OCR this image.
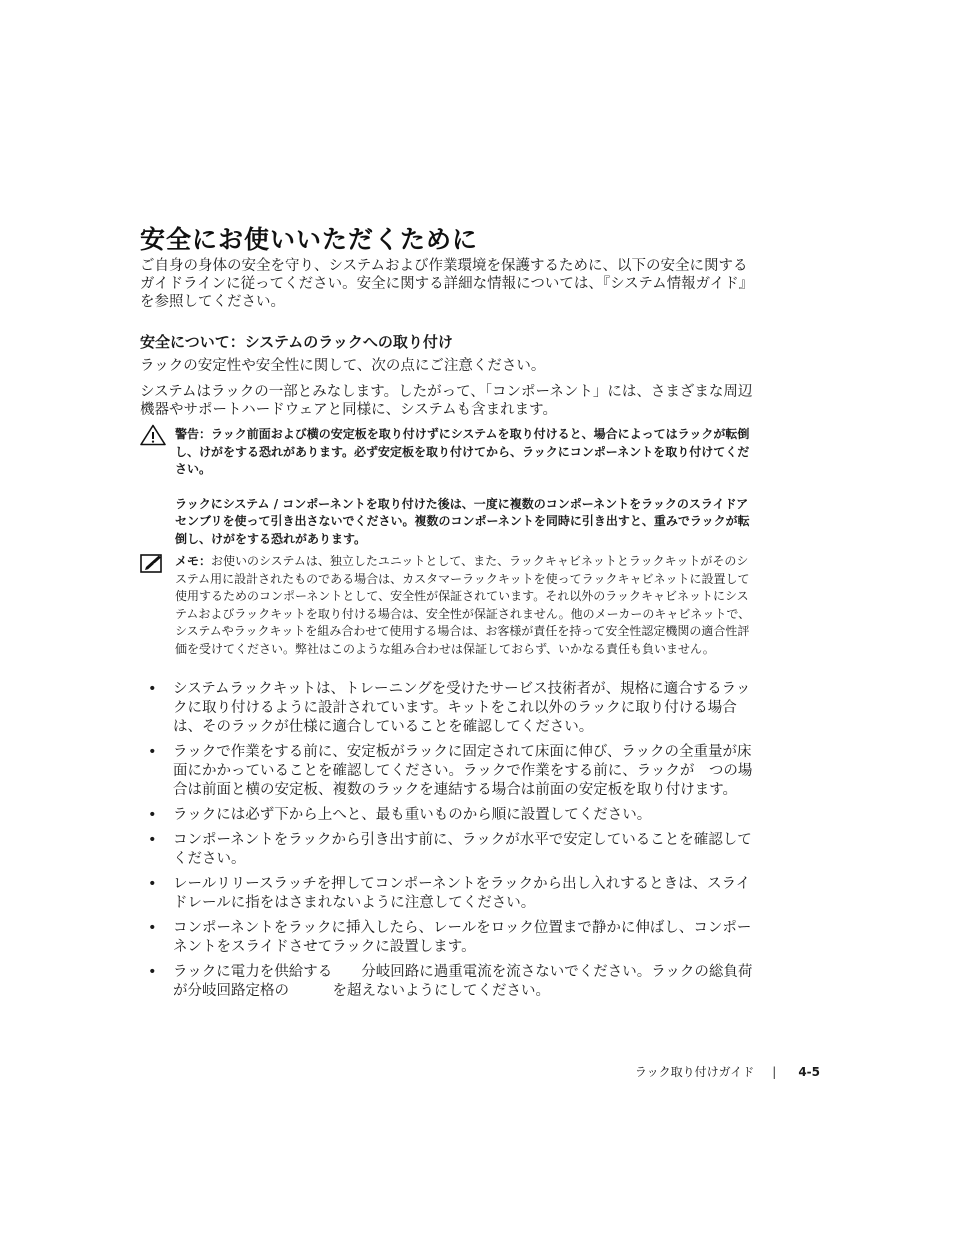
安全にお使いいただくために

ご自身の身体の安全を守り、システムおよび作業環境を保護するために、以下の安全に関するガイドラインに従ってください。安全に関する詳細な情報については、『システム情報ガイド』を参照してください。

安全について：システムのラックへの取り付け

ラックの安定性や安全性に関して、次の点にご注意ください。

システムはラックの一部とみなします。したがって、「コンポーネント」には、さまざまな周辺機器やサポートハードウェアと同様に、システムも含まれます。

警告：ラック前面および横の安定板を取り付けずにシステムを取り付けると、場合によってはラックが転倒し、けがをする恐れがあります。必ず安定板を取り付けてから、ラックにコンポーネントを取り付けてください。

ラックにシステム / コンポーネントを取り付けた後は、一度に複数のコンポーネントをラックのスライドアセンブリを使って引き出さないでください。複数のコンポーネントを同時に引き出すと、重みでラックが転倒し、けがをする恐れがあります。

メモ：お使いのシステムは、独立したユニットとして、また、ラックキャビネットとラックキットがそのシステム用に設計されたものである場合は、カスタマーラックキットを使ってラックキャビネットに設置して使用するためのコンポーネントとして、安全性が保証されています。それ以外のラックキャビネットにシステムおよびラックキットを取り付ける場合は、安全性が保証されません。他のメーカーのキャビネットで、システムやラックキットを組み合わせて使用する場合は、お客様が責任を持って安全性認定機関の適合性評価を受けてください。弊社はこのような組み合わせは保証しておらず、いかなる責任も負いません。

• システムラックキットは、トレーニングを受けたサービス技術者が、規格に適合するラックに取り付けるように設計されています。キットをこれ以外のラックに取り付ける場合は、そのラックが仕様に適合していることを確認してください。
• ラックで作業をする前に、安定板がラックに固定されて床面に伸び、ラックの全重量が床面にかかっていることを確認してください。ラックで作業をする前に、ラックが　つの場合は前面と横の安定板、複数のラックを連結する場合は前面の安定板を取り付けます。
• ラックには必ず下から上へと、最も重いものから順に設置してください。
• コンポーネントをラックから引き出す前に、ラックが水平で安定していることを確認してください。
• レールリリースラッチを押してコンポーネントをラックから出し入れするときは、スライドレールに指をはさまれないように注意してください。
• コンポーネントをラックに挿入したら、レールをロック位置まで静かに伸ばし、コンポーネントをスライドさせてラックに設置します。
• ラックに電力を供給する　　分岐回路に過重電流を流さないでください。ラックの総負荷が分岐回路定格の　　　を超えないようにしてください。
ラック取り付けガイド | 4-5
